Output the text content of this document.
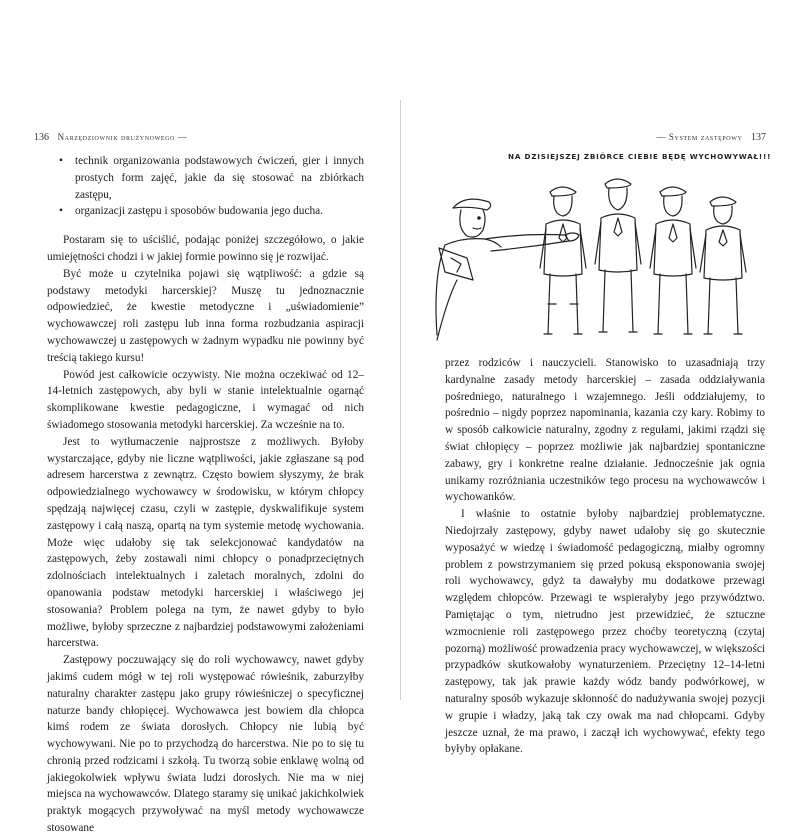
136 Narzędziownik drużynowego —
• technik organizowania podstawowych ćwiczeń, gier i innych prostych form zajęć, jakie da się stosować na zbiórkach zastępu,
• organizacji zastępu i sposobów budowania jego ducha.

Postaram się to uściślić, podając poniżej szczegółowo, o jakie umiejętności chodzi i w jakiej formie powinno się je rozwijać.

Być może u czytelnika pojawi się wątpliwość: a gdzie są podstawy metodyki harcerskiej? Muszę tu jednoznacznie odpowiedzieć, że kwestie metodyczne i „uświadomienie” wychowawczej roli zastępu lub inna forma rozbudzania aspiracji wychowawczej u zastępowych w żadnym wypadku nie powinny być treścią takiego kursu!

Powód jest całkowicie oczywisty. Nie można oczekiwać od 12–14-letnich zastępowych, aby byli w stanie intelektualnie ogarnąć skomplikowane kwestie pedagogiczne, i wymagać od nich świadomego stosowania metodyki harcerskiej. Za wcześnie na to.

Jest to wytłumaczenie najprostsze z możliwych. Byłoby wystarczające, gdyby nie liczne wątpliwości, jakie zgłaszane są pod adresem harcerstwa z zewnątrz. Często bowiem słyszymy, że brak odpowiedzialnego wychowawcy w środowisku, w którym chłopcy spędzają najwięcej czasu, czyli w zastępie, dyskwalifikuje system zastępowy i całą naszą, opartą na tym systemie metodę wychowania. Może więc udałoby się tak selekcjonować kandydatów na zastępowych, żeby zostawali nimi chłopcy o ponadprzeciętnych zdolnościach intelektualnych i zaletach moralnych, zdolni do opanowania podstaw metodyki harcerskiej i właściwego jej stosowania? Problem polega na tym, że nawet gdyby to było możliwe, byłoby sprzeczne z najbardziej podstawowymi założeniami harcerstwa.

Zastępowy poczuwający się do roli wychowawcy, nawet gdyby jakimś cudem mógł w tej roli występować rówieśnik, zaburzyłby naturalny charakter zastępu jako grupy rówieśniczej o specyficznej naturze bandy chłopięcej. Wychowawca jest bowiem dla chłopca kimś rodem ze świata dorosłych. Chłopcy nie lubią być wychowywani. Nie po to przychodzą do harcerstwa. Nie po to się tu chronią przed rodzicami i szkołą. Tu tworzą sobie enklawę wolną od jakiegokolwiek wpływu świata ludzi dorosłych. Nie ma w niej miejsca na wychowawców. Dlatego staramy się unikać jakichkolwiek praktyk mogących przywoływać na myśl metody wychowawcze stosowane

— System zastępowy 137

przez rodziców i nauczycieli. Stanowisko to uzasadniają trzy kardynalne zasady metody harcerskiej – zasada oddziaływania pośredniego, naturalnego i wzajemnego. Jeśli oddziałujemy, to pośrednio – nigdy poprzez napominania, kazania czy kary. Robimy to w sposób całkowicie naturalny, zgodny z regułami, jakimi rządzi się świat chłopięcy – poprzez możliwie jak najbardziej spontaniczne zabawy, gry i konkretne realne działanie. Jednocześnie jak ognia unikamy rozróżniania uczestników tego procesu na wychowawców i wychowanków.

I właśnie to ostatnie byłoby najbardziej problematyczne. Niedojrzały zastępowy, gdyby nawet udałoby się go skutecznie wyposażyć w wiedzę i świadomość pedagogiczną, miałby ogromny problem z powstrzymaniem się przed pokusą eksponowania swojej roli wychowawcy, gdyż ta dawałyby mu dodatkowe przewagi względem chłopców. Przewagi te wspierałyby jego przywództwo. Pamiętając o tym, nietrudno jest przewidzieć, że sztuczne wzmocnienie roli zastępowego przez choćby teoretyczną (czytaj pozorną) możliwość prowadzenia pracy wychowawczej, w większości przypadków skutkowałoby wynaturzeniem. Przeciętny 12–14-letni zastępowy, tak jak prawie każdy wódz bandy podwórkowej, w naturalny sposób wykazuje skłonność do nadużywania swojej pozycji w grupie i władzy, jaką tak czy owak ma nad chłopcami. Gdyby jeszcze uznał, że ma prawo, i zaczął ich wychowywać, efekty tego byłyby opłakane.

NA DZISIEJSZEJ ZBIÓRCE CIEBIE BĘDĘ WYCHOWYWAŁ!!!
